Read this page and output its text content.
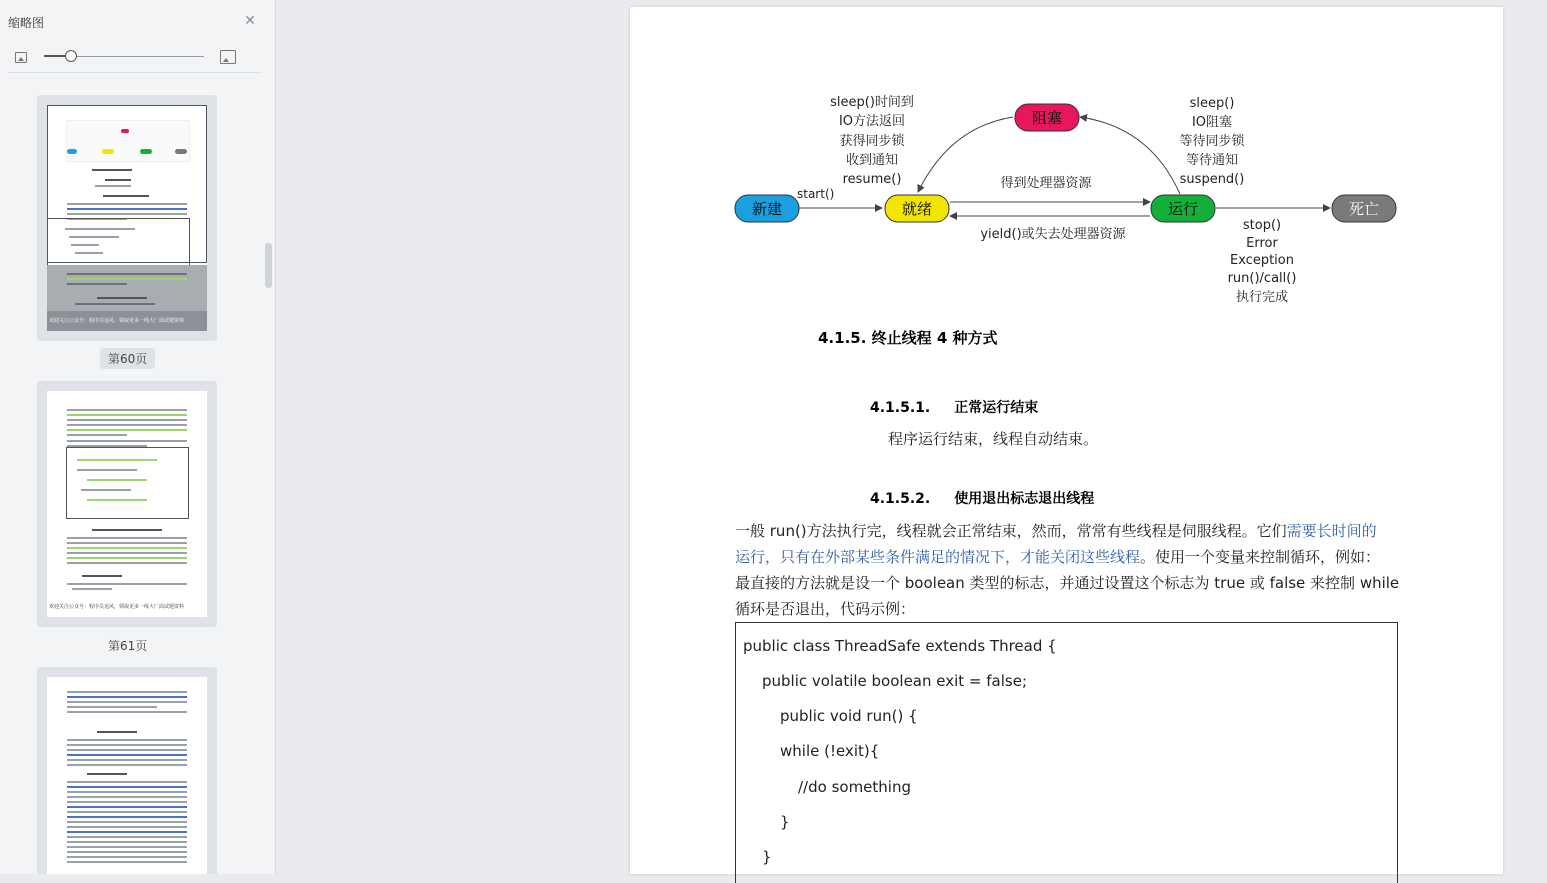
缩略图	✕
欢迎关注公众号：程序员追风，领取更多一线大厂面试题资料
第60页
欢迎关注公众号：程序员追风，领取更多一线大厂面试题资料
第61页
新建	就绪	运行
阻塞
死亡
start()
得到处理器资源
yield()或失去处理器资源
sleep()时间到
IO方法返回
获得同步锁
收到通知
resume()
sleep()
IO阻塞
等待同步锁
等待通知
suspend()
stop()
Error
Exception
run()/call()
执行完成
4.1.5. 终止线程 4 种方式
4.1.5.1. 正常运行结束
程序运行结束，线程自动结束。
4.1.5.2. 使用退出标志退出线程
一般 run()方法执行完，线程就会正常结束，然而，常常有些线程是伺服线程。它们需要长时间的
运行，只有在外部某些条件满足的情况下，才能关闭这些线程。使用一个变量来控制循环，例如：
最直接的方法就是设一个 boolean 类型的标志，并通过设置这个标志为 true 或 false 来控制 while
循环是否退出，代码示例：
public class ThreadSafe extends Thread {
public volatile boolean exit = false;
public void run() {
while (!exit){
//do something
}
}
